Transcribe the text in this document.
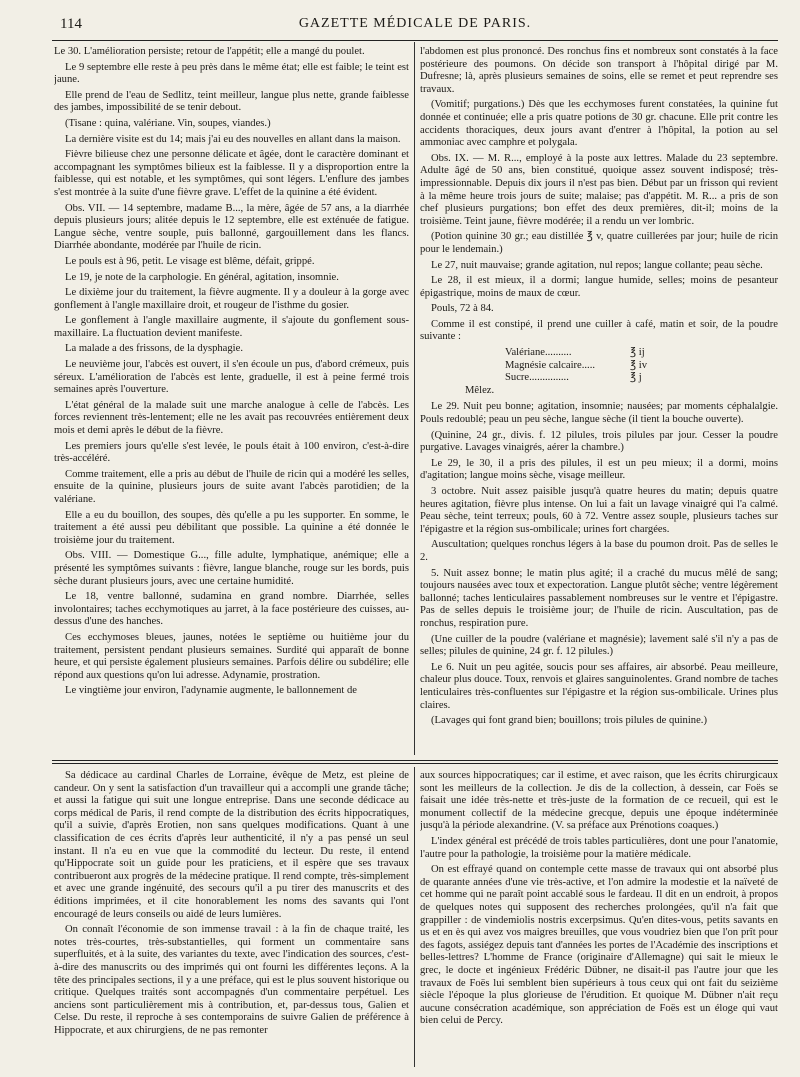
114	GAZETTE MÉDICALE DE PARIS.

Le 30. L'amélioration persiste; retour de l'appétit; elle a mangé du poulet.

Le 9 septembre elle reste à peu près dans le même état; elle est faible; le teint est jaune.

Elle prend de l'eau de Sedlitz, teint meilleur, langue plus nette, grande faiblesse des jambes, impossibilité de se tenir debout.

(Tisane : quina, valériane. Vin, soupes, viandes.)

La dernière visite est du 14; mais j'ai eu des nouvelles en allant dans la maison.

Fièvre bilieuse chez une personne délicate et âgée, dont le caractère dominant et accompagnant les symptômes bilieux est la faiblesse. Il y a disproportion entre la faiblesse, qui est notable, et les symptômes, qui sont légers. L'enflure des jambes s'est montrée à la suite d'une fièvre grave. L'effet de la quinine a été évident.

Obs. VII. — 14 septembre, madame B..., la mère, âgée de 57 ans, a la diarrhée depuis plusieurs jours; alitée depuis le 12 septembre, elle est exténuée de fatigue. Langue sèche, ventre souple, puis ballonné, gargouillement dans les flancs. Diarrhée abondante, modérée par l'huile de ricin.

Le pouls est à 96, petit. Le visage est blême, défait, grippé.

Le 19, je note de la carphologie. En général, agitation, insomnie.

Le dixième jour du traitement, la fièvre augmente. Il y a douleur à la gorge avec gonflement à l'angle maxillaire droit, et rougeur de l'isthme du gosier.

Le gonflement à l'angle maxillaire augmente, il s'ajoute du gonflement sous-maxillaire. La fluctuation devient manifeste.

La malade a des frissons, de la dysphagie.

Le neuvième jour, l'abcès est ouvert, il s'en écoule un pus, d'abord crémeux, puis séreux. L'amélioration de l'abcès est lente, graduelle, il est à peine fermé trois semaines après l'ouverture.

L'état général de la malade suit une marche analogue à celle de l'abcès. Les forces reviennent très-lentement; elle ne les avait pas recouvrées entièrement deux mois et demi après le début de la fièvre.

Les premiers jours qu'elle s'est levée, le pouls était à 100 environ, c'est-à-dire très-accéléré.

Comme traitement, elle a pris au début de l'huile de ricin qui a modéré les selles, ensuite de la quinine, plusieurs jours de suite avant l'abcès parotidien; de la valériane.

Elle a eu du bouillon, des soupes, dès qu'elle a pu les supporter. En somme, le traitement a été aussi peu débilitant que possible. La quinine a été donnée le troisième jour du traitement.

Obs. VIII. — Domestique G..., fille adulte, lymphatique, anémique; elle a présenté les symptômes suivants : fièvre, langue blanche, rouge sur les bords, puis sèche durant plusieurs jours, avec une certaine humidité.

Le 18, ventre ballonné, sudamina en grand nombre. Diarrhée, selles involontaires; taches ecchymotiques au jarret, à la face postérieure des cuisses, au-dessus d'une des hanches.

Ces ecchymoses bleues, jaunes, notées le septième ou huitième jour du traitement, persistent pendant plusieurs semaines. Surdité qui apparaît de bonne heure, et qui persiste également plusieurs semaines. Parfois délire ou subdélire; elle répond aux questions qu'on lui adresse. Adynamie, prostration.

Le vingtième jour environ, l'adynamie augmente, le ballonnement de

l'abdomen est plus prononcé. Des ronchus fins et nombreux sont constatés à la face postérieure des poumons. On décide son transport à l'hôpital dirigé par M. Dufresne; là, après plusieurs semaines de soins, elle se remet et peut reprendre ses travaux.

(Vomitif; purgations.) Dès que les ecchymoses furent constatées, la quinine fut donnée et continuée; elle a pris quatre potions de 30 gr. chacune. Elle prit contre les accidents thoraciques, deux jours avant d'entrer à l'hôpital, la potion au sel ammoniac avec camphre et polygala.

Obs. IX. — M. R..., employé à la poste aux lettres. Malade du 23 septembre. Adulte âgé de 50 ans, bien constitué, quoique assez souvent indisposé; très-impressionnable. Depuis dix jours il n'est pas bien. Début par un frisson qui revient à la même heure trois jours de suite; malaise; pas d'appétit. M. R... a pris de son chef plusieurs purgations; bon effet des deux premières, dit-il; moins de la troisième. Teint jaune, fièvre modérée; il a rendu un ver lombric.

(Potion quinine 30 gr.; eau distillée ℥ v, quatre cuillerées par jour; huile de ricin pour le lendemain.)

Le 27, nuit mauvaise; grande agitation, nul repos; langue collante; peau sèche.

Le 28, il est mieux, il a dormi; langue humide, selles; moins de pesanteur épigastrique, moins de maux de cœur.

Pouls, 72 à 84.

Comme il est constipé, il prend une cuiller à café, matin et soir, de la poudre suivante :

Valériane..........	℥ ij
Magnésie calcaire.....	℥ iv
Sucre...............	℥ j
Mêlez.

Le 29. Nuit peu bonne; agitation, insomnie; nausées; par moments céphalalgie. Pouls redoublé; peau un peu sèche, langue sèche (il tient la bouche ouverte).

(Quinine, 24 gr., divis. f. 12 pilules, trois pilules par jour. Cesser la poudre purgative. Lavages vinaigrés, aérer la chambre.)

Le 29, le 30, il a pris des pilules, il est un peu mieux; il a dormi, moins d'agitation; langue moins sèche, visage meilleur.

3 octobre. Nuit assez paisible jusqu'à quatre heures du matin; depuis quatre heures agitation, fièvre plus intense. On lui a fait un lavage vinaigré qui l'a calmé. Peau sèche, teint terreux; pouls, 60 à 72. Ventre assez souple, plusieurs taches sur l'épigastre et la région sus-ombilicale; urines fort chargées.

Auscultation; quelques ronchus légers à la base du poumon droit. Pas de selles le 2.

5. Nuit assez bonne; le matin plus agité; il a craché du mucus mêlé de sang; toujours nausées avec toux et expectoration. Langue plutôt sèche; ventre légèrement ballonné; taches lenticulaires passablement nombreuses sur le ventre et l'épigastre. Pas de selles depuis le troisième jour; de l'huile de ricin. Auscultation, pas de ronchus, respiration pure.

(Une cuiller de la poudre (valériane et magnésie); lavement salé s'il n'y a pas de selles; pilules de quinine, 24 gr. f. 12 pilules.)

Le 6. Nuit un peu agitée, soucis pour ses affaires, air absorbé. Peau meilleure, chaleur plus douce. Toux, renvois et glaires sanguinolentes. Grand nombre de taches lenticulaires très-confluentes sur l'épigastre et la région sus-ombilicale. Urines plus claires.

(Lavages qui font grand bien; bouillons; trois pilules de quinine.)

Sa dédicace au cardinal Charles de Lorraine, évêque de Metz, est pleine de candeur. On y sent la satisfaction d'un travailleur qui a accompli une grande tâche; et aussi la fatigue qui suit une longue entreprise. Dans une seconde dédicace au corps médical de Paris, il rend compte de la distribution des écrits hippocratiques, qu'il a suivie, d'après Erotien, non sans quelques modifications. Quant à une classification de ces écrits d'après leur authenticité, il n'y a pas pensé un seul instant. Il n'a eu en vue que la commodité du lecteur. Du reste, il entend qu'Hippocrate soit un guide pour les praticiens, et il espère que ses travaux contribueront aux progrès de la médecine pratique. Il rend compte, très-simplement et avec une grande ingénuité, des secours qu'il a pu tirer des manuscrits et des éditions imprimées, et il cite honorablement les noms des savants qui l'ont encouragé de leurs conseils ou aidé de leurs lumières.

On connaît l'économie de son immense travail : à la fin de chaque traité, les notes très-courtes, très-substantielles, qui forment un commentaire sans superfluités, et à la suite, des variantes du texte, avec l'indication des sources, c'est-à-dire des manuscrits ou des imprimés qui ont fourni les différentes leçons. A la tête des principales sections, il y a une préface, qui est le plus souvent historique ou critique. Quelques traités sont accompagnés d'un commentaire perpétuel. Les anciens sont particulièrement mis à contribution, et, par-dessus tous, Galien et Celse. Du reste, il reproche à ses contemporains de suivre Galien de préférence à Hippocrate, et aux chirurgiens, de ne pas remonter

aux sources hippocratiques; car il estime, et avec raison, que les écrits chirurgicaux sont les meilleurs de la collection. Je dis de la collection, à dessein, car Foës se faisait une idée très-nette et très-juste de la formation de ce recueil, qui est le monument collectif de la médecine grecque, depuis une époque indéterminée jusqu'à la période alexandrine. (V. sa préface aux Prénotions coaques.)

L'index général est précédé de trois tables particulières, dont une pour l'anatomie, l'autre pour la pathologie, la troisième pour la matière médicale.

On est effrayé quand on contemple cette masse de travaux qui ont absorbé plus de quarante années d'une vie très-active, et l'on admire la modestie et la naïveté de cet homme qui ne paraît point accablé sous le fardeau. Il dit en un endroit, à propos de quelques notes qui supposent des recherches prolongées, qu'il n'a fait que grappiller : de vindemiolis nostris excerpsimus. Qu'en dites-vous, petits savants en us et en ès qui avez vos maigres breuilles, que vous voudriez bien que l'on prît pour des fagots, assiégez depuis tant d'années les portes de l'Académie des inscriptions et belles-lettres? L'homme de France (originaire d'Allemagne) qui sait le mieux le grec, le docte et ingénieux Frédéric Dübner, ne disait-il pas l'autre jour que les travaux de Foës lui semblent bien supérieurs à tous ceux qui ont fait du seizième siècle l'époque la plus glorieuse de l'érudition. Et quoique M. Dübner n'ait reçu aucune consécration académique, son appréciation de Foës est un éloge qui vaut bien celui de Percy.
